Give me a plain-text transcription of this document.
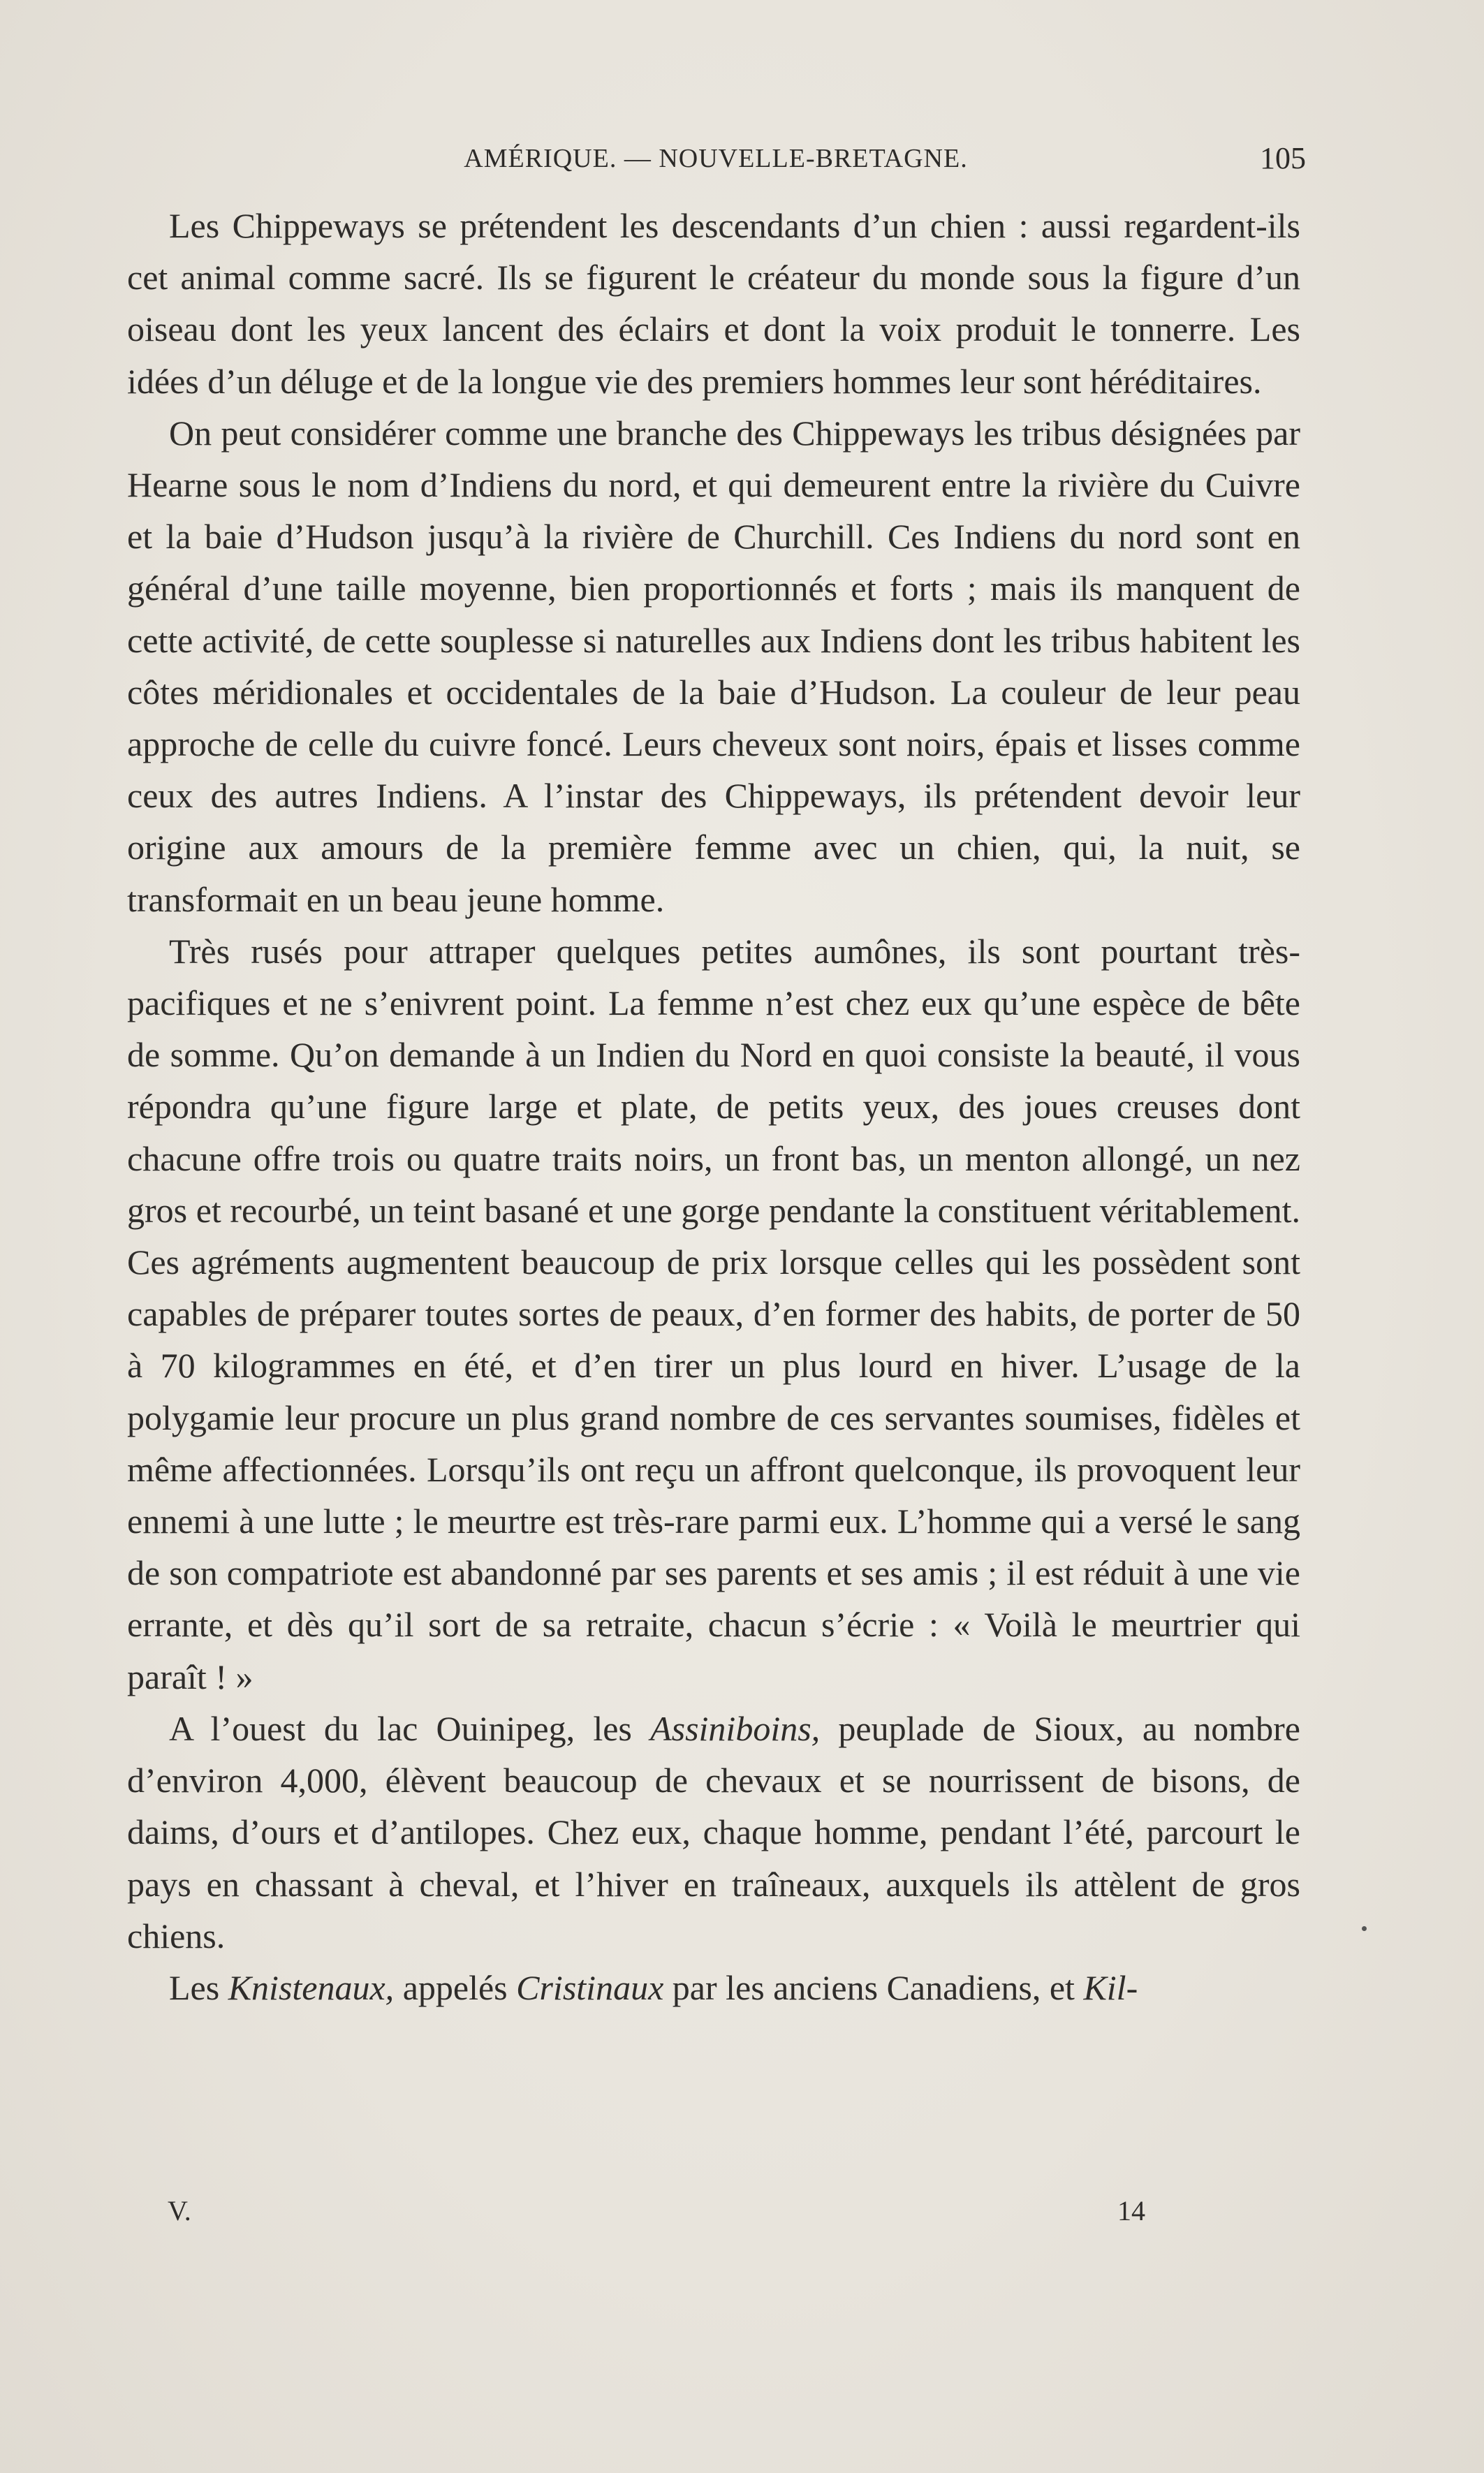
AMÉRIQUE. — NOUVELLE-BRETAGNE.	105

Les Chippeways se prétendent les descendants d’un chien : aussi regardent-ils cet animal comme sacré. Ils se figurent le créateur du monde sous la figure d’un oiseau dont les yeux lancent des éclairs et dont la voix produit le tonnerre. Les idées d’un déluge et de la longue vie des premiers hommes leur sont héréditaires.

On peut considérer comme une branche des Chippeways les tribus désignées par Hearne sous le nom d’Indiens du nord, et qui demeurent entre la rivière du Cuivre et la baie d’Hudson jusqu’à la rivière de Churchill. Ces Indiens du nord sont en général d’une taille moyenne, bien proportionnés et forts ; mais ils manquent de cette activité, de cette souplesse si naturelles aux Indiens dont les tribus habitent les côtes méridionales et occidentales de la baie d’Hudson. La couleur de leur peau approche de celle du cuivre foncé. Leurs cheveux sont noirs, épais et lisses comme ceux des autres Indiens. A l’instar des Chippeways, ils prétendent devoir leur origine aux amours de la première femme avec un chien, qui, la nuit, se transformait en un beau jeune homme.

Très rusés pour attraper quelques petites aumônes, ils sont pourtant très-pacifiques et ne s’enivrent point. La femme n’est chez eux qu’une espèce de bête de somme. Qu’on demande à un Indien du Nord en quoi consiste la beauté, il vous répondra qu’une figure large et plate, de petits yeux, des joues creuses dont chacune offre trois ou quatre traits noirs, un front bas, un menton allongé, un nez gros et recourbé, un teint basané et une gorge pendante la constituent véritablement. Ces agréments augmentent beaucoup de prix lorsque celles qui les possèdent sont capables de préparer toutes sortes de peaux, d’en former des habits, de porter de 50 à 70 kilogrammes en été, et d’en tirer un plus lourd en hiver. L’usage de la polygamie leur procure un plus grand nombre de ces servantes soumises, fidèles et même affectionnées. Lorsqu’ils ont reçu un affront quelconque, ils provoquent leur ennemi à une lutte ; le meurtre est très-rare parmi eux. L’homme qui a versé le sang de son compatriote est abandonné par ses parents et ses amis ; il est réduit à une vie errante, et dès qu’il sort de sa retraite, chacun s’écrie : « Voilà le meurtrier qui paraît ! »

A l’ouest du lac Ouinipeg, les Assiniboins, peuplade de Sioux, au nombre d’environ 4,000, élèvent beaucoup de chevaux et se nourrissent de bisons, de daims, d’ours et d’antilopes. Chez eux, chaque homme, pendant l’été, parcourt le pays en chassant à cheval, et l’hiver en traîneaux, auxquels ils attèlent de gros chiens.

Les Knistenaux, appelés Cristinaux par les anciens Canadiens, et Kil-

V.	14
